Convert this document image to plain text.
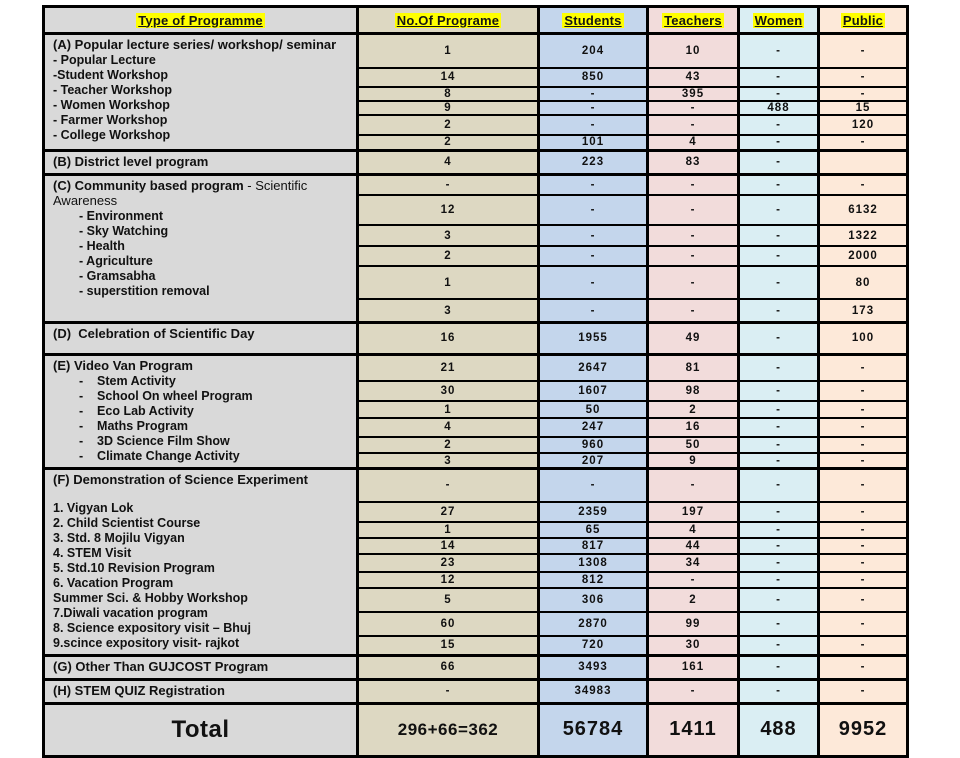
Type of Programme	No.Of Programe	Students	Teachers	Women	Public

(A) Popular lecture series/ workshop/ seminar
- Popular Lecture
-Student Workshop
- Teacher Workshop
- Women Workshop
- Farmer Workshop
- College Workshop
	1	204	10	-	-
	14	850	43	-	-
	8	-	395	-	-
	9	-	-	488	15
	2	-	-	-	120
	2	101	4	-	-

(B) District level program	4	223	83	-	

(C) Community based program - Scientific Awareness
- Environment
- Sky Watching
- Health
- Agriculture
- Gramsabha
- superstition removal
	-	-	-	-	-
	12	-	-	-	6132
	3	-	-	-	1322
	2	-	-	-	2000
	1	-	-	-	80
	3	-	-	-	173

(D)  Celebration of Scientific Day	16	1955	49	-	100

(E) Video Van Program
-    Stem Activity
-    School On wheel Program
-    Eco Lab Activity
-    Maths Program
-    3D Science Film Show
-    Climate Change Activity
	21	2647	81	-	-
	30	1607	98	-	-
	1	50	2	-	-
	4	247	16	-	-
	2	960	50	-	-
	3	207	9	-	-

(F) Demonstration of Science Experiment
1. Vigyan Lok
2. Child Scientist Course
3. Std. 8 Mojilu Vigyan
4. STEM Visit
5. Std.10 Revision Program
6. Vacation Program
Summer Sci. & Hobby Workshop
7.Diwali vacation program
8. Science expository visit – Bhuj
9.scince expository visit- rajkot
	-	-	-	-	-
	27	2359	197	-	-
	1	65	4	-	-
	14	817	44	-	-
	23	1308	34	-	-
	12	812	-	-	-
	5	306	2	-	-
	60	2870	99	-	-
	15	720	30	-	-

(G) Other Than GUJCOST Program	66	3493	161	-	-

(H) STEM QUIZ Registration	-	34983	-	-	-
Total	296+66=362	56784	1411	488	9952
